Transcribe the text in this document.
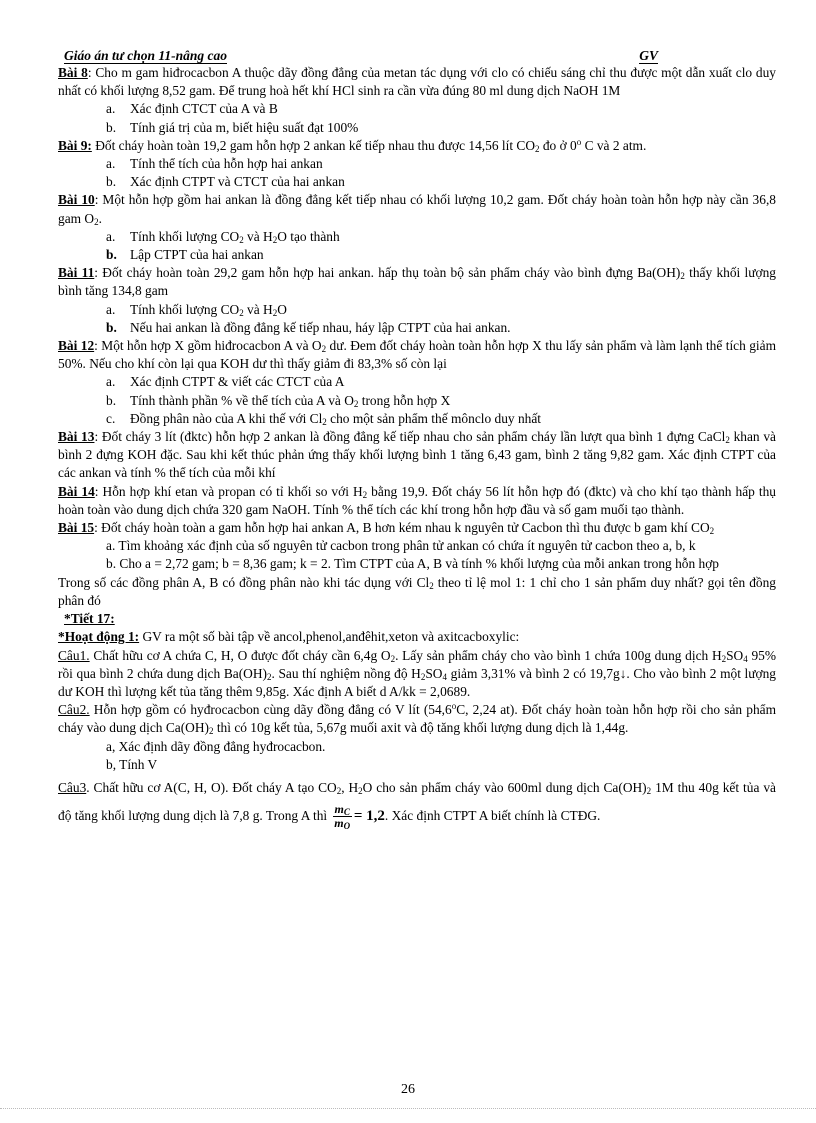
Giáo án tư chọn 11-nâng cao	GV

Bài 8: Cho m gam hiđrocacbon A thuộc dãy đồng đẳng của metan tác dụng với clo có chiếu sáng chỉ thu được một dẫn xuất clo duy nhất có khối lượng 8,52 gam. Để trung hoà hết khí HCl sinh ra cần vừa đúng 80 ml dung dịch NaOH 1M

a.	Xác định CTCT của A và B
b.	Tính giá trị của m, biết hiệu suất đạt 100%

Bài 9: Đốt cháy hoàn toàn 19,2 gam hỗn hợp 2 ankan kế tiếp nhau thu được 14,56 lít $CO_2$ đo ở 0$^o$ C và 2 atm.

a.	Tính thể tích của hỗn hợp hai ankan
b.	Xác định CTPT và CTCT của hai ankan

Bài 10: Một hỗn hợp gồm hai ankan là đồng đẳng kết tiếp nhau có khối lượng 10,2 gam. Đốt cháy hoàn toàn hỗn hợp này cần 36,8 gam $O_2$.

a.	Tính khối lượng $CO_2$ và $H_2O$ tạo thành
b. Lập CTPT của hai ankan

Bài 11: Đốt cháy hoàn toàn 29,2 gam hỗn hợp hai ankan. hấp thụ toàn bộ sản phẩm cháy vào bình đựng $Ba(OH)_2$ thấy khối lượng bình tăng 134,8 gam

a.	Tính khối lượng $CO_2$ và $H_2O$
b. Nếu hai ankan là đồng đẳng kế tiếp nhau, háy lập CTPT của hai ankan.

Bài 12: Một hỗn hợp X gồm hiđrocacbon A và $O_2$ dư. Đem đốt cháy hoàn toàn hỗn hợp X thu lấy sản phẩm và làm lạnh thể tích giảm 50%. Nếu cho khí còn lại qua KOH dư thì thấy giảm đi 83,3% số còn lại

a.	Xác định CTPT & viết các CTCT của A
b.	Tính thành phần % về thể tích của A và $O_2$ trong hỗn hợp X
c.	Đồng phân nào của A khi thế với $Cl_2$ cho một sản phẩm thế mônclo duy nhất

Bài 13: Đốt cháy 3 lít (đktc) hỗn hợp 2 ankan là đồng đẳng kế tiếp nhau cho sản phẩm cháy lần lượt qua bình 1 đựng CaCl$_2$ khan và bình 2 đựng KOH đặc. Sau khi kết thúc phản ứng thấy khối lượng bình 1 tăng 6,43 gam, bình 2 tăng 9,82 gam. Xác định CTPT của các ankan và tính % thể tích của mỗi khí

Bài 14: Hỗn hợp khí etan và propan có tỉ khối so với $H_2$ bằng 19,9. Đốt cháy 56 lít hỗn hợp đó (đktc) và cho khí tạo thành hấp thụ hoàn toàn vào dung dịch chứa 320 gam NaOH. Tính % thể tích các khí trong hỗn hợp đầu và số gam muối tạo thành.

Bài 15: Đốt cháy hoàn toàn a gam hỗn hợp hai ankan A, B hơn kém nhau k nguyên tử Cacbon thì thu được b gam khí $CO_2$

a. Tìm khoảng xác định của số nguyên tử cacbon trong phân tử ankan có chứa ít nguyên tử cacbon theo a, b, k

b. Cho a = 2,72 gam; b = 8,36 gam; k = 2. Tìm CTPT của A, B và tính % khối lượng của mỗi ankan trong hỗn hợp

Trong số các đồng phân A, B có đồng phân nào khi tác dụng với $Cl_2$ theo tỉ lệ mol 1: 1 chỉ cho 1 sản phẩm duy nhất? gọi tên đồng phân đó

*Tiết 17:

*Hoạt động 1: GV ra một số bài tập về ancol,phenol,anđêhit,xeton và axitcacboxylic:

Câu1. Chất hữu cơ A chứa C, H, O được đốt cháy cần 6,4g $O_2$. Lấy sản phẩm cháy cho vào bình 1 chứa 100g dung dịch $H_2SO_4$ 95% rồi qua bình 2 chứa dung dịch $Ba(OH)_2$. Sau thí nghiệm nồng độ $H_2SO_4$ giảm 3,31% và bình 2 có 19,7g↓. Cho vào bình 2 một lượng dư KOH thì lượng kết tủa tăng thêm 9,85g. Xác định A biết d A/kk = 2,0689.

Câu2. Hỗn hợp gồm có hyđrocacbon cùng dãy đồng đẳng có V lít (54,6$^o$C, 2,24 at). Đốt cháy hoàn toàn hỗn hợp rồi cho sản phẩm cháy vào dung dịch $Ca(OH)_2$ thì có 10g kết tủa, 5,67g muối axit và độ tăng khối lượng dung dịch là 1,44g.

a, Xác định dãy đồng đẳng hyđrocacbon.

b, Tính V

Câu3. Chất hữu cơ A(C, H, O). Đốt cháy A tạo $CO_2$, $H_2O$ cho sản phẩm cháy vào 600ml dung dịch $Ca(OH)_2$ 1M thu 40g kết tủa và độ tăng khối lượng dung dịch là 7,8 g. Trong A thì $\frac{m_C}{m_O} = 1,2$. Xác định CTPT A biết chính là CTĐG.

26
